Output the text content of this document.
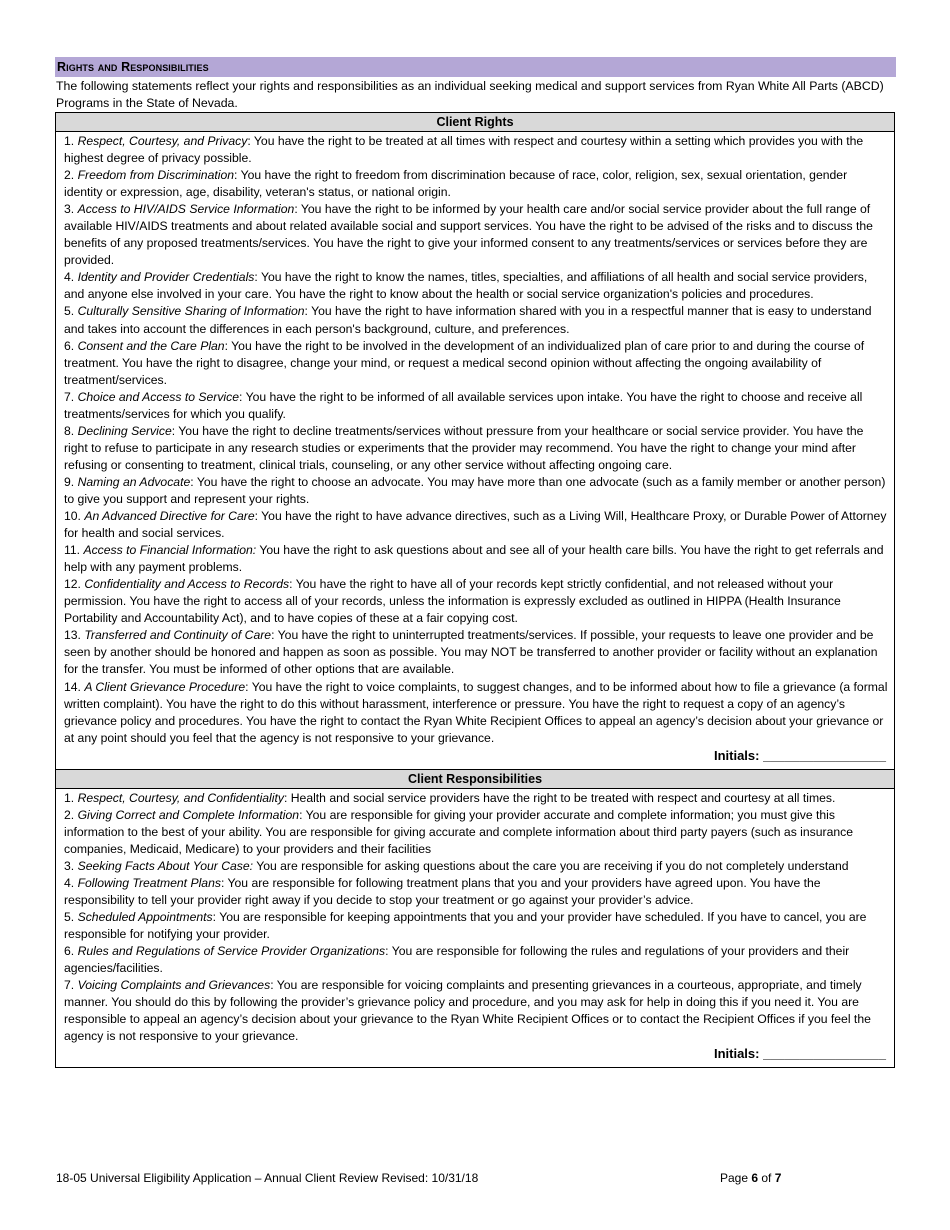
Rights and Responsibilities
The following statements reflect your rights and responsibilities as an individual seeking medical and support services from Ryan White All Parts (ABCD) Programs in the State of Nevada.
Client Rights
1. Respect, Courtesy, and Privacy: You have the right to be treated at all times with respect and courtesy within a setting which provides you with the highest degree of privacy possible.
2. Freedom from Discrimination: You have the right to freedom from discrimination because of race, color, religion, sex, sexual orientation, gender identity or expression, age, disability, veteran's status, or national origin.
3. Access to HIV/AIDS Service Information: You have the right to be informed by your health care and/or social service provider about the full range of available HIV/AIDS treatments and about related available social and support services. You have the right to be advised of the risks and to discuss the benefits of any proposed treatments/services. You have the right to give your informed consent to any treatments/services or services before they are provided.
4. Identity and Provider Credentials: You have the right to know the names, titles, specialties, and affiliations of all health and social service providers, and anyone else involved in your care. You have the right to know about the health or social service organization's policies and procedures.
5. Culturally Sensitive Sharing of Information: You have the right to have information shared with you in a respectful manner that is easy to understand and takes into account the differences in each person's background, culture, and preferences.
6. Consent and the Care Plan: You have the right to be involved in the development of an individualized plan of care prior to and during the course of treatment. You have the right to disagree, change your mind, or request a medical second opinion without affecting the ongoing availability of treatment/services.
7. Choice and Access to Service: You have the right to be informed of all available services upon intake. You have the right to choose and receive all treatments/services for which you qualify.
8. Declining Service: You have the right to decline treatments/services without pressure from your healthcare or social service provider. You have the right to refuse to participate in any research studies or experiments that the provider may recommend. You have the right to change your mind after refusing or consenting to treatment, clinical trials, counseling, or any other service without affecting ongoing care.
9. Naming an Advocate: You have the right to choose an advocate. You may have more than one advocate (such as a family member or another person) to give you support and represent your rights.
10. An Advanced Directive for Care: You have the right to have advance directives, such as a Living Will, Healthcare Proxy, or Durable Power of Attorney for health and social services.
11. Access to Financial Information: You have the right to ask questions about and see all of your health care bills. You have the right to get referrals and help with any payment problems.
12. Confidentiality and Access to Records: You have the right to have all of your records kept strictly confidential, and not released without your permission. You have the right to access all of your records, unless the information is expressly excluded as outlined in HIPPA (Health Insurance Portability and Accountability Act), and to have copies of these at a fair copying cost.
13. Transferred and Continuity of Care: You have the right to uninterrupted treatments/services. If possible, your requests to leave one provider and be seen by another should be honored and happen as soon as possible. You may NOT be transferred to another provider or facility without an explanation for the transfer. You must be informed of other options that are available.
14. A Client Grievance Procedure: You have the right to voice complaints, to suggest changes, and to be informed about how to file a grievance (a formal written complaint). You have the right to do this without harassment, interference or pressure. You have the right to request a copy of an agency’s grievance policy and procedures. You have the right to contact the Ryan White Recipient Offices to appeal an agency’s decision about your grievance or at any point should you feel that the agency is not responsive to your grievance.
Initials: _________________
Client Responsibilities
1. Respect, Courtesy, and Confidentiality: Health and social service providers have the right to be treated with respect and courtesy at all times.
2. Giving Correct and Complete Information: You are responsible for giving your provider accurate and complete information; you must give this information to the best of your ability. You are responsible for giving accurate and complete information about third party payers (such as insurance companies, Medicaid, Medicare) to your providers and their facilities
3. Seeking Facts About Your Case: You are responsible for asking questions about the care you are receiving if you do not completely understand
4. Following Treatment Plans: You are responsible for following treatment plans that you and your providers have agreed upon. You have the responsibility to tell your provider right away if you decide to stop your treatment or go against your provider’s advice.
5. Scheduled Appointments: You are responsible for keeping appointments that you and your provider have scheduled. If you have to cancel, you are responsible for notifying your provider.
6. Rules and Regulations of Service Provider Organizations: You are responsible for following the rules and regulations of your providers and their agencies/facilities.
7. Voicing Complaints and Grievances: You are responsible for voicing complaints and presenting grievances in a courteous, appropriate, and timely manner. You should do this by following the provider’s grievance policy and procedure, and you may ask for help in doing this if you need it. You are responsible to appeal an agency’s decision about your grievance to the Ryan White Recipient Offices or to contact the Recipient Offices if you feel the agency is not responsive to your grievance.
Initials: _________________
18-05 Universal Eligibility Application – Annual Client Review Revised: 10/31/18	Page 6 of 7
